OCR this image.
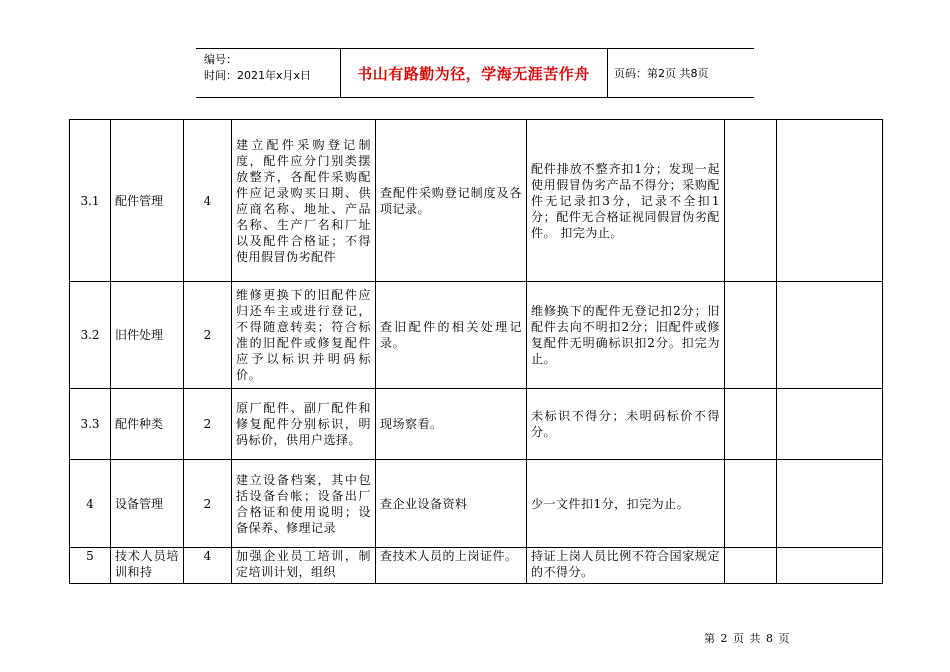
编号：
时间：2021年x月x日	书山有路勤为径，学海无涯苦作舟	页码：第2页 共8页
3.1	配件管理	4	建立配件采购登记制度，配件应分门别类摆放整齐，各配件采购配件应记录购买日期、供应商名称、地址、产品名称、生产厂名和厂址以及配件合格证；不得使用假冒伪劣配件	查配件采购登记制度及各项记录。	配件排放不整齐扣1分；发现一起使用假冒伪劣产品不得分；采购配件无记录扣3分，记录不全扣1分；配件无合格证视同假冒伪劣配件。 扣完为止。		
3.2	旧件处理	2	维修更换下的旧配件应归还车主或进行登记，不得随意转卖；符合标准的旧配件或修复配件应予以标识并明码标价。	查旧配件的相关处理记录。	维修换下的配件无登记扣2分；旧配件去向不明扣2分；旧配件或修复配件无明确标识扣2分。扣完为止。		
3.3	配件种类	2	原厂配件、副厂配件和修复配件分别标识，明码标价，供用户选择。	现场察看。	未标识不得分；未明码标价不得分。		
4	设备管理	2	建立设备档案，其中包括设备台帐；设备出厂合格证和使用说明；设备保养、修理记录	查企业设备资料	少一文件扣1分，扣完为止。		
5	技术人员培训和持	4	加强企业员工培训，制定培训计划，组织	查技术人员的上岗证件。	持证上岗人员比例不符合国家规定的不得分。		
第 2 页 共 8 页
